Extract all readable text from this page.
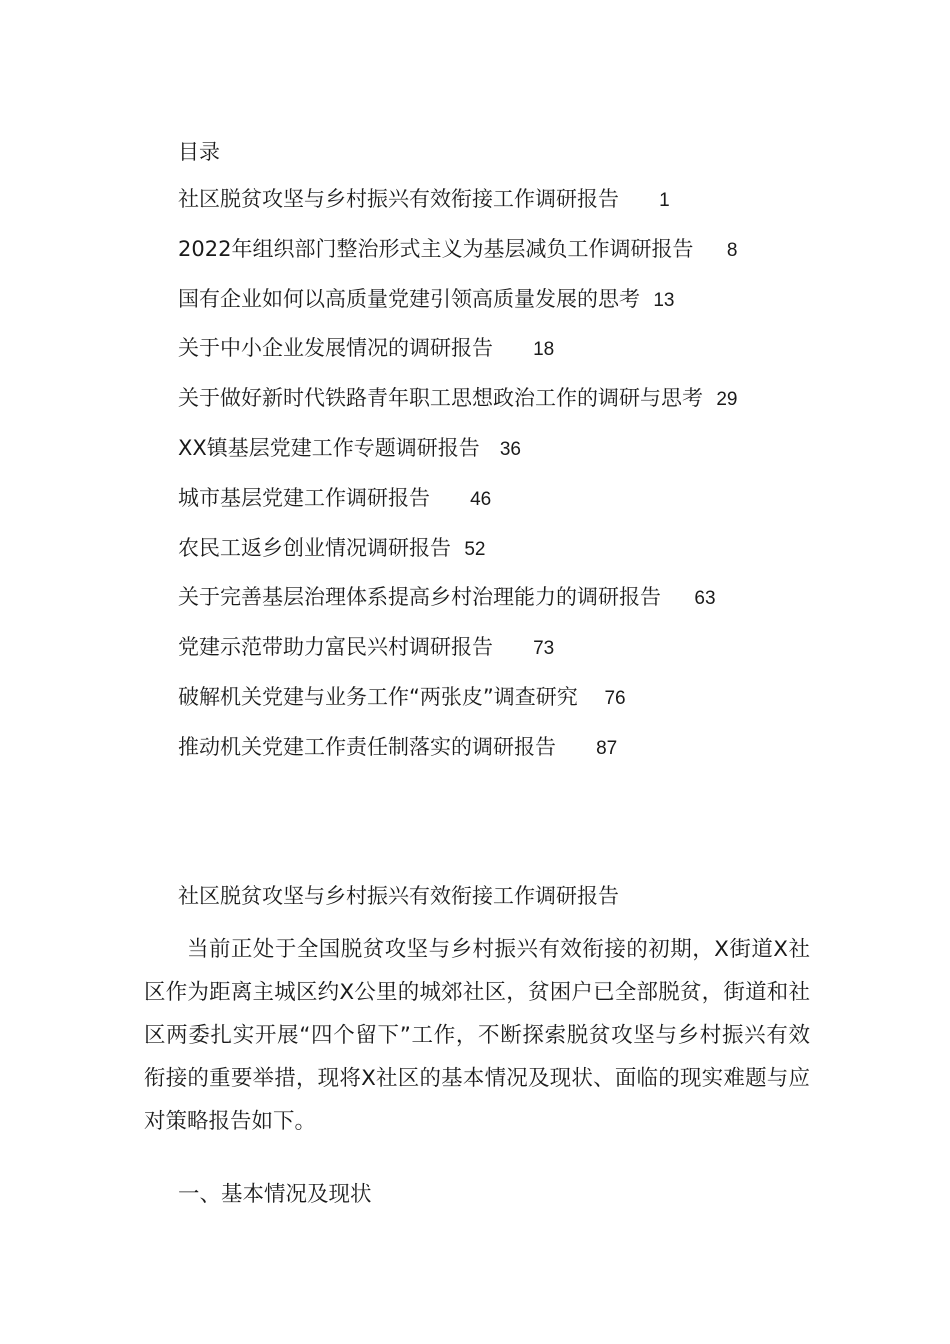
目录
社区脱贫攻坚与乡村振兴有效衔接工作调研报告 1
2022年组织部门整治形式主义为基层减负工作调研报告 8
国有企业如何以高质量党建引领高质量发展的思考 13
关于中小企业发展情况的调研报告 18
关于做好新时代铁路青年职工思想政治工作的调研与思考 29
XX镇基层党建工作专题调研报告 36
城市基层党建工作调研报告 46
农民工返乡创业情况调研报告 52
关于完善基层治理体系提高乡村治理能力的调研报告 63
党建示范带助力富民兴村调研报告 73
破解机关党建与业务工作“两张皮”调查研究 76
推动机关党建工作责任制落实的调研报告 87
社区脱贫攻坚与乡村振兴有效衔接工作调研报告

当前正处于全国脱贫攻坚与乡村振兴有效衔接的初期，X街道X社区作为距离主城区约X公里的城郊社区，贫困户已全部脱贫，街道和社区两委扎实开展“四个留下”工作，不断探索脱贫攻坚与乡村振兴有效衔接的重要举措，现将X社区的基本情况及现状、面临的现实难题与应对策略报告如下。

一、基本情况及现状
